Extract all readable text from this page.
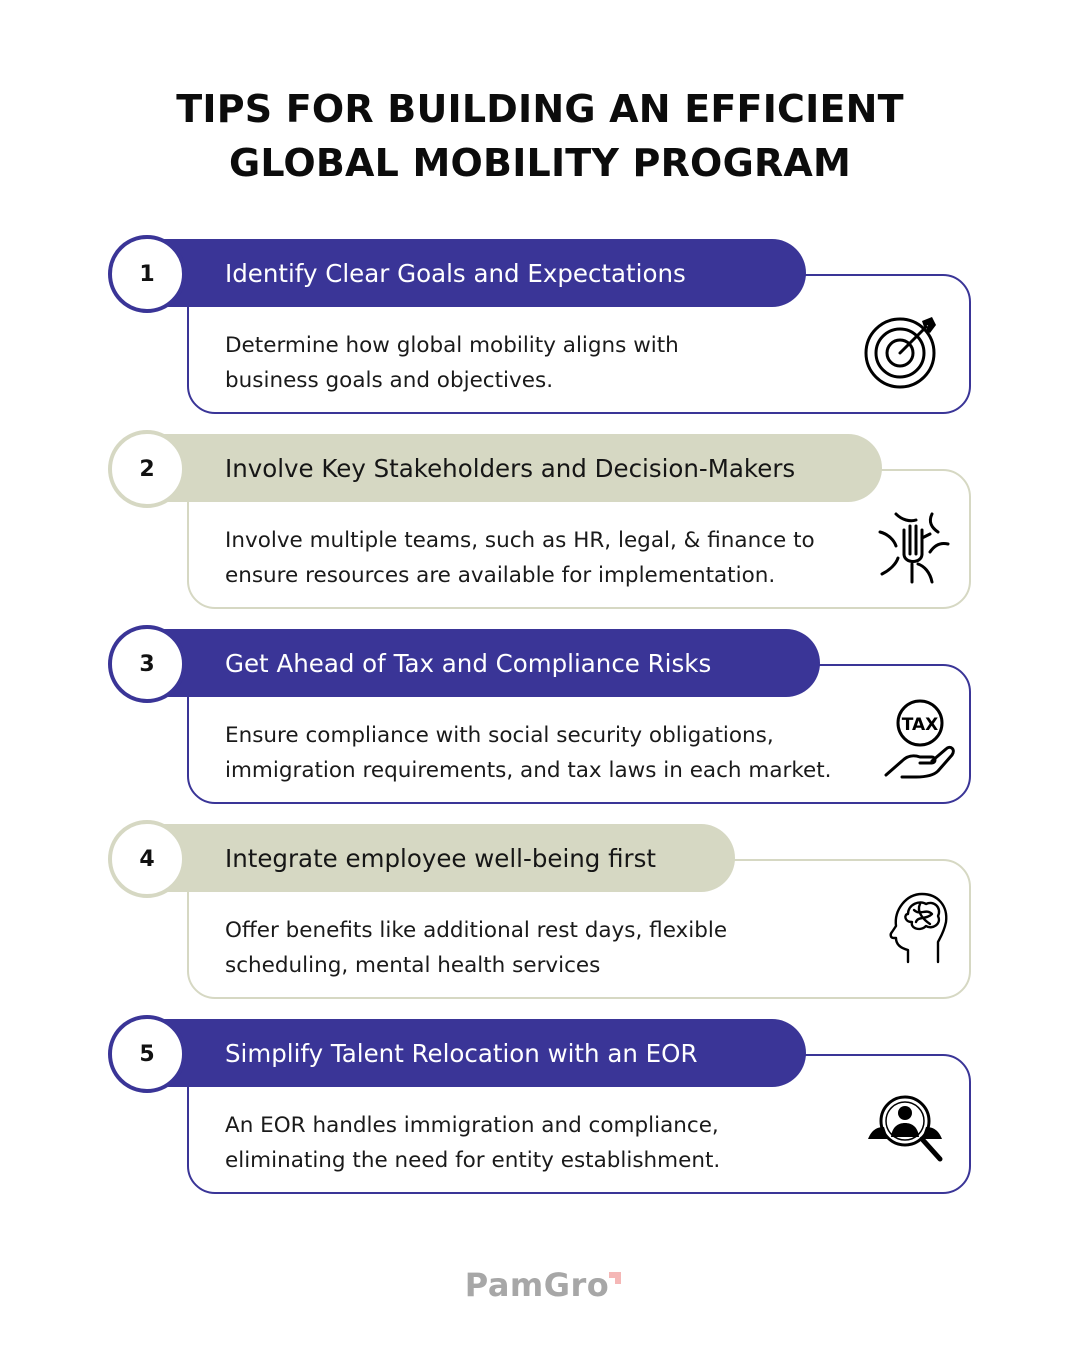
TIPS FOR BUILDING AN EFFICIENT
GLOBAL MOBILITY PROGRAM
Identify Clear Goals and Expectations
1
Determine how global mobility aligns with
business goals and objectives.
Involve Key Stakeholders and Decision-Makers
2
Involve multiple teams, such as HR, legal, & finance to
ensure resources are available for implementation.
Get Ahead of Tax and Compliance Risks
3
Ensure compliance with social security obligations,
immigration requirements, and tax laws in each market.
TAX
Integrate employee well-being first
4
Offer benefits like additional rest days, flexible
scheduling, mental health services
Simplify Talent Relocation with an EOR
5
An EOR handles immigration and compliance,
eliminating the need for entity establishment.
PamGro
